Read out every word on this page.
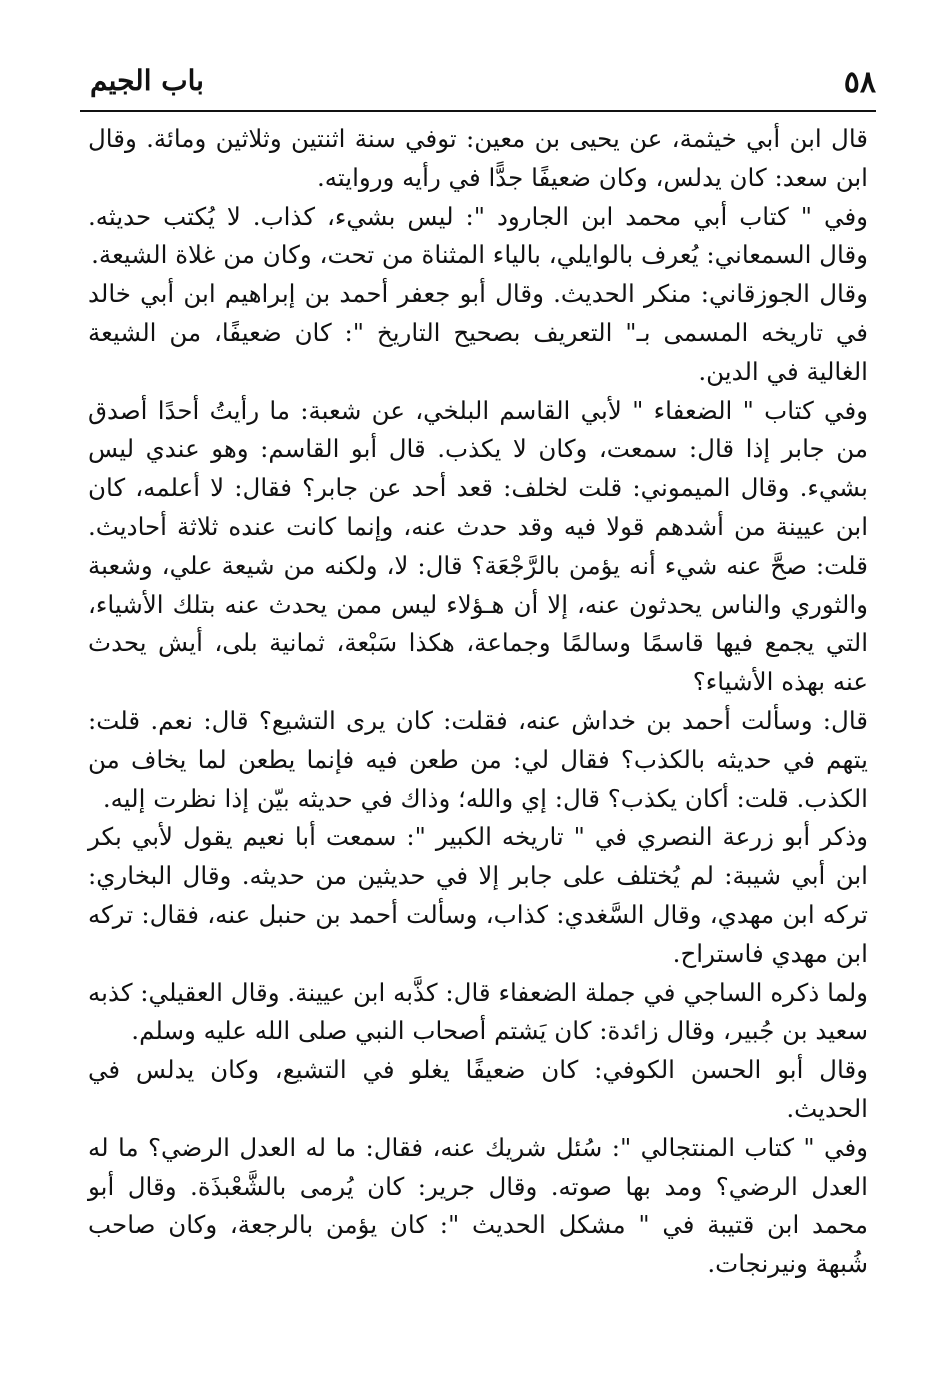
٥٨
باب الجيم

قال ابن أبي خيثمة، عن يحيى بن معين: توفي سنة اثنتين وثلاثين ومائة. وقال ابن سعد: كان يدلس، وكان ضعيفًا جدًّا في رأيه وروايته.

وفي " كتاب أبي محمد ابن الجارود ": ليس بشيء، كذاب. لا يُكتب حديثه. وقال السمعاني: يُعرف بالوايلي، بالياء المثناة من تحت، وكان من غلاة الشيعة.

وقال الجوزقاني: منكر الحديث. وقال أبو جعفر أحمد بن إبراهيم ابن أبي خالد في تاريخه المسمى بـ" التعريف بصحيح التاريخ ": كان ضعيفًا، من الشيعة الغالية في الدين.

وفي كتاب " الضعفاء " لأبي القاسم البلخي، عن شعبة: ما رأيتُ أحدًا أصدق من جابر إذا قال: سمعت، وكان لا يكذب. قال أبو القاسم: وهو عندي ليس بشيء. وقال الميموني: قلت لخلف: قعد أحد عن جابر؟ فقال: لا أعلمه، كان ابن عيينة من أشدهم قولا فيه وقد حدث عنه، وإنما كانت عنده ثلاثة أحاديث. قلت: صحَّ عنه شيء أنه يؤمن بالرَّجْعَة؟ قال: لا، ولكنه من شيعة علي، وشعبة والثوري والناس يحدثون عنه، إلا أن هـؤلاء ليس ممن يحدث عنه بتلك الأشياء، التي يجمع فيها قاسمًا وسالمًا وجماعة، هكذا سَبْعة، ثمانية بلى، أيش يحدث عنه بهذه الأشياء؟

قال: وسألت أحمد بن خداش عنه، فقلت: كان يرى التشيع؟ قال: نعم. قلت: يتهم في حديثه بالكذب؟ فقال لي: من طعن فيه فإنما يطعن لما يخاف من الكذب. قلت: أكان يكذب؟ قال: إي والله؛ وذاك في حديثه بيّن إذا نظرت إليه.

وذكر أبو زرعة النصري في " تاريخه الكبير ": سمعت أبا نعيم يقول لأبي بكر ابن أبي شيبة: لم يُختلف على جابر إلا في حديثين من حديثه. وقال البخاري: تركه ابن مهدي، وقال السَّغدي: كذاب، وسألت أحمد بن حنبل عنه، فقال: تركه ابن مهدي فاستراح.

ولما ذكره الساجي في جملة الضعفاء قال: كذَّبه ابن عيينة. وقال العقيلي: كذبه سعيد بن جُبير، وقال زائدة: كان يَشتم أصحاب النبي صلى الله عليه وسلم.

وقال أبو الحسن الكوفي: كان ضعيفًا يغلو في التشيع، وكان يدلس في الحديث.

وفي " كتاب المنتجالي ": سُئل شريك عنه، فقال: ما له العدل الرضي؟ ما له العدل الرضي؟ ومد بها صوته. وقال جرير: كان يُرمى بالشَّعْبذَة. وقال أبو محمد ابن قتيبة في " مشكل الحديث ": كان يؤمن بالرجعة، وكان صاحب شُبهة ونيرنجات.
